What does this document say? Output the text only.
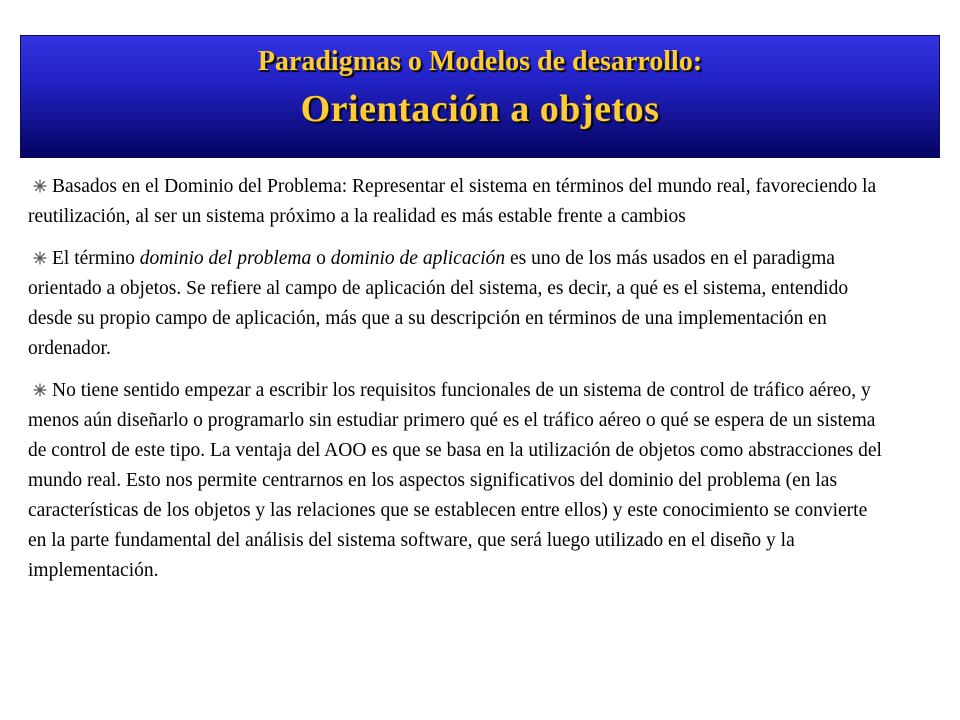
Paradigmas o Modelos de desarrollo:
Orientación a objetos

Basados en el Dominio del Problema: Representar el sistema en términos del mundo real, favoreciendo la reutilización, al ser un sistema próximo a la realidad es más estable frente a cambios

El término dominio del problema o dominio de aplicación es uno de los más usados en el paradigma orientado a objetos. Se refiere al campo de aplicación del sistema, es decir, a qué es el sistema, entendido desde su propio campo de aplicación, más que a su descripción en términos de una implementación en ordenador.

No tiene sentido empezar a escribir los requisitos funcionales de un sistema de control de tráfico aéreo, y menos aún diseñarlo o programarlo sin estudiar primero qué es el tráfico aéreo o qué se espera de un sistema de control de este tipo. La ventaja del AOO es que se basa en la utilización de objetos como abstracciones del mundo real. Esto nos permite centrarnos en los aspectos significativos del dominio del problema (en las características de los objetos y las relaciones que se establecen entre ellos) y este conocimiento se convierte en la parte fundamental del análisis del sistema software, que será luego utilizado en el diseño y la implementación.
